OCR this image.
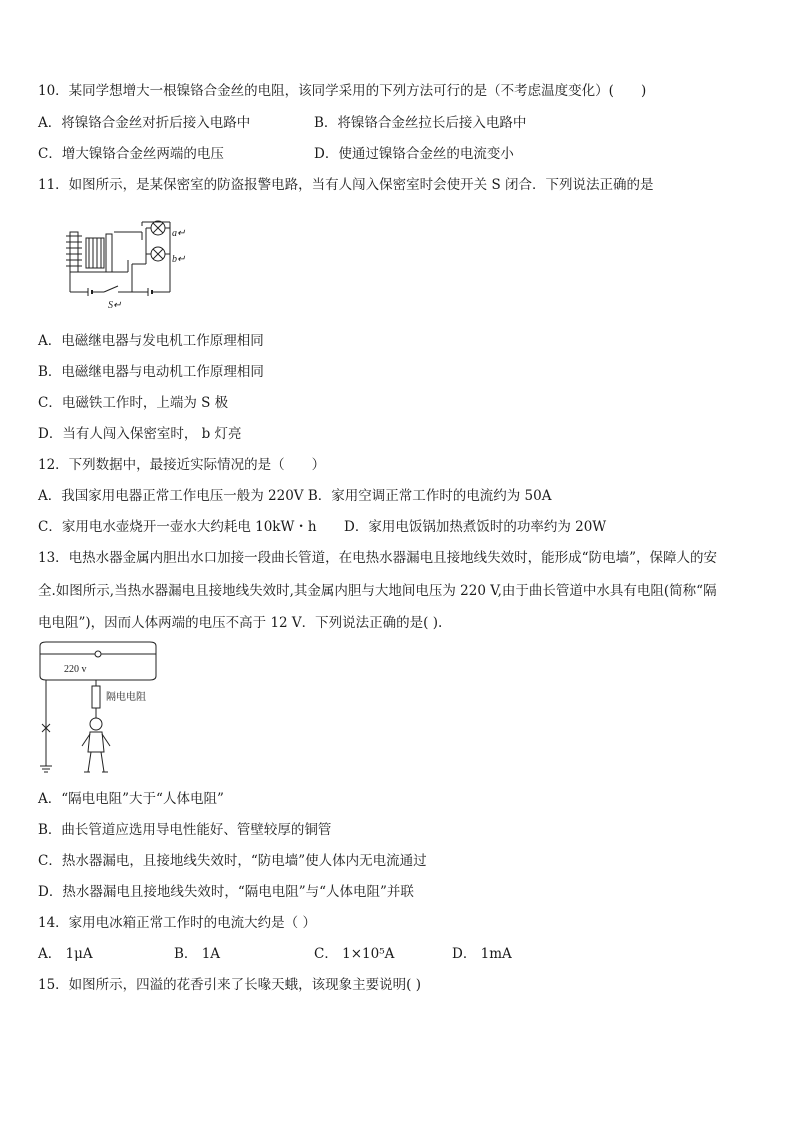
10．某同学想增大一根镍铬合金丝的电阻，该同学采用的下列方法可行的是（不考虑温度变化）(　　)
A．将镍铬合金丝对折后接入电路中	B．将镍铬合金丝拉长后接入电路中
C．增大镍铬合金丝两端的电压	D．使通过镍铬合金丝的电流变小
11．如图所示，是某保密室的防盗报警电路，当有人闯入保密室时会使开关 S 闭合．下列说法正确的是
a↵
b↵
S↵
A．电磁继电器与发电机工作原理相同
B．电磁继电器与电动机工作原理相同
C．电磁铁工作时，上端为 S 极
D．当有人闯入保密室时， b 灯亮
12．下列数据中，最接近实际情况的是（　　）
A．我国家用电器正常工作电压一般为 220V B．家用空调正常工作时的电流约为 50A
C．家用电水壶烧开一壶水大约耗电 10kW・h D．家用电饭锅加热煮饭时的功率约为 20W
13．电热水器金属内胆出水口加接一段曲长管道，在电热水器漏电且接地线失效时，能形成“防电墙”，保障人的安
全.如图所示,当热水器漏电且接地线失效时,其金属内胆与大地间电压为 220 V,由于曲长管道中水具有电阻(简称“隔
电电阻”)，因而人体两端的电压不高于 12 V．下列说法正确的是( ).
220 v
隔电电阻
A．“隔电电阻”大于“人体电阻”
B．曲长管道应选用导电性能好、管壁较厚的铜管
C．热水器漏电，且接地线失效时，“防电墙”使人体内无电流通过
D．热水器漏电且接地线失效时，“隔电电阻”与“人体电阻”并联
14．家用电冰箱正常工作时的电流大约是（ ）
A． 1μA	B． 1A	C． 1×10⁵A	D． 1mA
15．如图所示，四溢的花香引来了长喙天蛾，该现象主要说明( )
